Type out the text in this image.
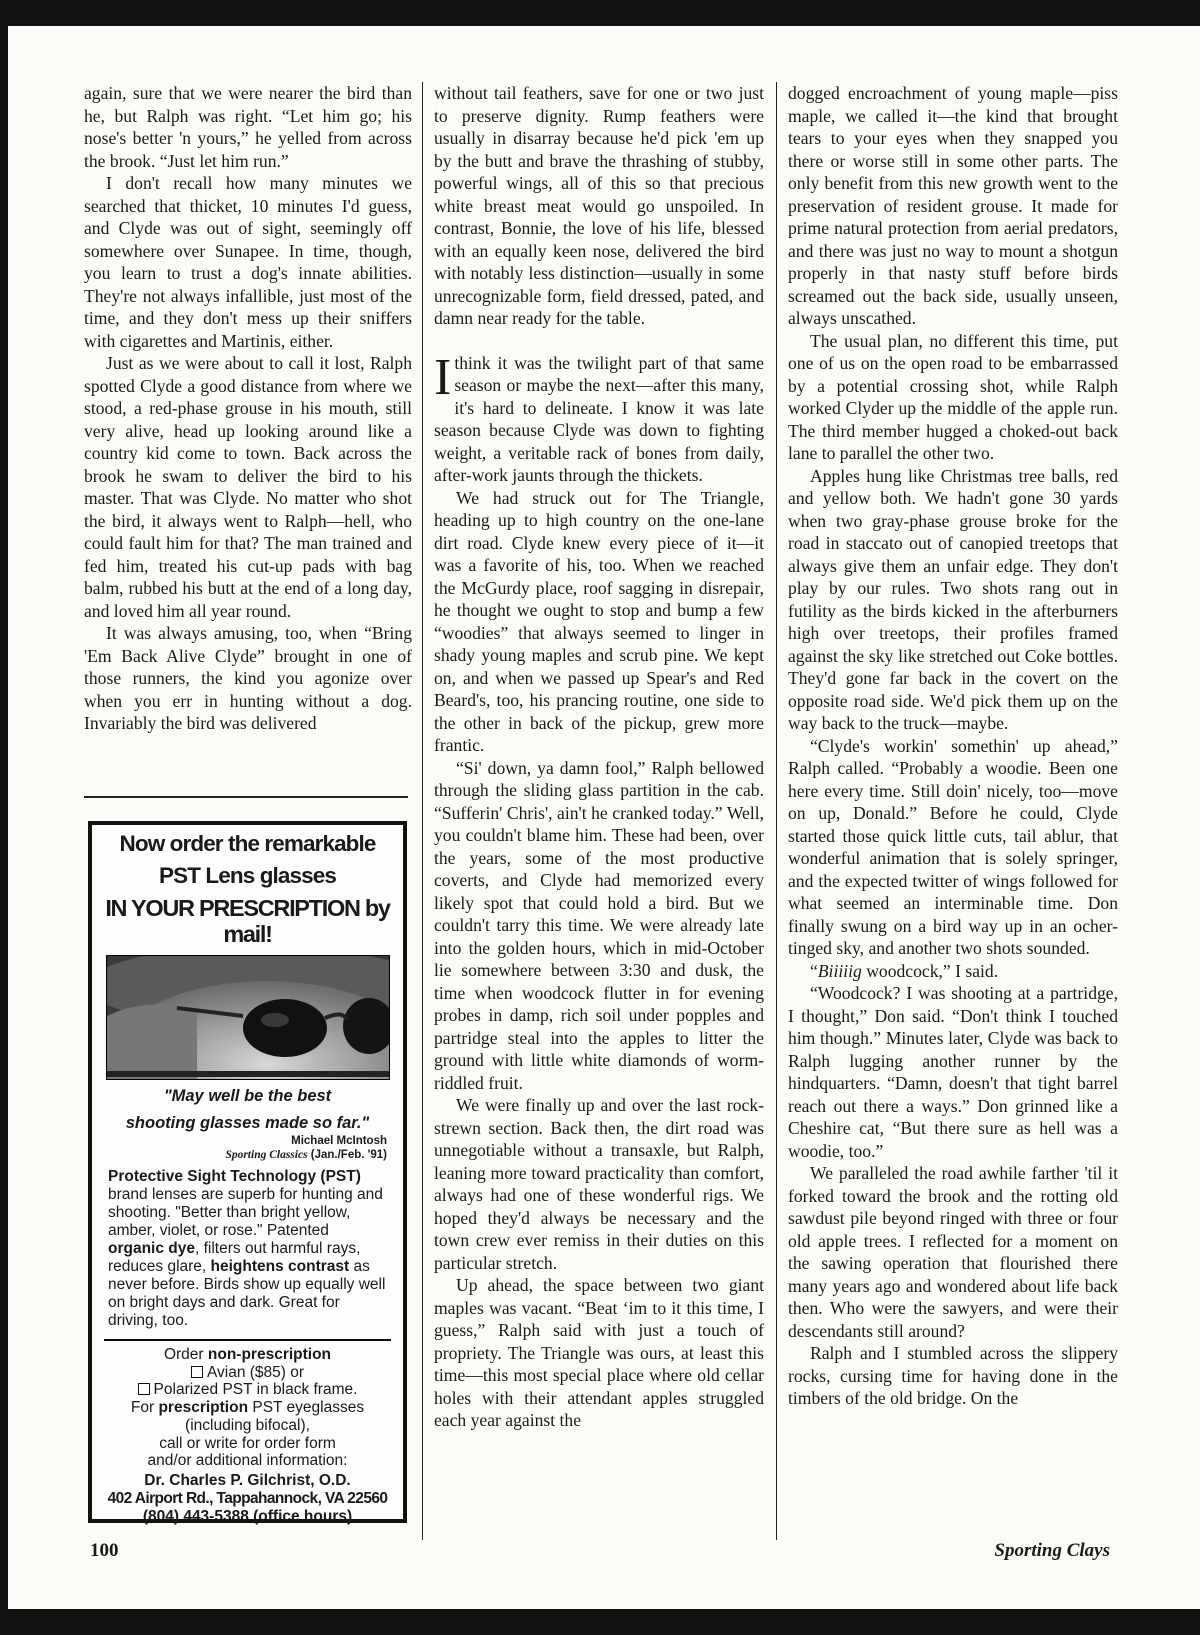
again, sure that we were nearer the bird than he, but Ralph was right. “Let him go; his nose's better 'n yours,” he yelled from across the brook. “Just let him run.”

I don't recall how many minutes we searched that thicket, 10 minutes I'd guess, and Clyde was out of sight, seemingly off somewhere over Sunapee. In time, though, you learn to trust a dog's innate abilities. They're not always infallible, just most of the time, and they don't mess up their sniffers with cigarettes and Martinis, either.

Just as we were about to call it lost, Ralph spotted Clyde a good distance from where we stood, a red-phase grouse in his mouth, still very alive, head up looking around like a country kid come to town. Back across the brook he swam to deliver the bird to his master. That was Clyde. No matter who shot the bird, it always went to Ralph—hell, who could fault him for that? The man trained and fed him, treated his cut-up pads with bag balm, rubbed his butt at the end of a long day, and loved him all year round.

It was always amusing, too, when “Bring 'Em Back Alive Clyde” brought in one of those runners, the kind you agonize over when you err in hunting without a dog. Invariably the bird was delivered

Now order the remarkable
PST Lens glasses
IN YOUR PRESCRIPTION by mail!
"May well be the best
shooting glasses made so far."
Michael McIntosh
Sporting Classics (Jan./Feb. '91)
Protective Sight Technology (PST) brand lenses are superb for hunting and shooting. "Better than bright yellow, amber, violet, or rose." Patented organic dye, filters out harmful rays, reduces glare, heightens contrast as never before. Birds show up equally well on bright days and dark. Great for driving, too.
Order non-prescription
Avian ($85) or
Polarized PST in black frame.
For prescription PST eyeglasses
(including bifocal),
call or write for order form
and/or additional information:
Dr. Charles P. Gilchrist, O.D.
402 Airport Rd., Tappahannock, VA 22560
(804) 443-5388 (office hours)

without tail feathers, save for one or two just to preserve dignity. Rump feathers were usually in disarray because he'd pick 'em up by the butt and brave the thrashing of stubby, powerful wings, all of this so that precious white breast meat would go unspoiled. In contrast, Bonnie, the love of his life, blessed with an equally keen nose, delivered the bird with notably less distinction—usually in some unrecognizable form, field dressed, pated, and damn near ready for the table.

Ithink it was the twilight part of that same season or maybe the next—after this many, it's hard to delineate. I know it was late season because Clyde was down to fighting weight, a veritable rack of bones from daily, after-work jaunts through the thickets.

We had struck out for The Triangle, heading up to high country on the one-lane dirt road. Clyde knew every piece of it—it was a favorite of his, too. When we reached the McGurdy place, roof sagging in disrepair, he thought we ought to stop and bump a few “woodies” that always seemed to linger in shady young maples and scrub pine. We kept on, and when we passed up Spear's and Red Beard's, too, his prancing routine, one side to the other in back of the pickup, grew more frantic.

“Si' down, ya damn fool,” Ralph bellowed through the sliding glass partition in the cab. “Sufferin' Chris', ain't he cranked today.” Well, you couldn't blame him. These had been, over the years, some of the most productive coverts, and Clyde had memorized every likely spot that could hold a bird. But we couldn't tarry this time. We were already late into the golden hours, which in mid-October lie somewhere between 3:30 and dusk, the time when woodcock flutter in for evening probes in damp, rich soil under popples and partridge steal into the apples to litter the ground with little white diamonds of worm-riddled fruit.

We were finally up and over the last rock-strewn section. Back then, the dirt road was unnegotiable without a transaxle, but Ralph, leaning more toward practicality than comfort, always had one of these wonderful rigs. We hoped they'd always be necessary and the town crew ever remiss in their duties on this particular stretch.

Up ahead, the space between two giant maples was vacant. “Beat ‘im to it this time, I guess,” Ralph said with just a touch of propriety. The Triangle was ours, at least this time—this most special place where old cellar holes with their attendant apples struggled each year against the

dogged encroachment of young maple—piss maple, we called it—the kind that brought tears to your eyes when they snapped you there or worse still in some other parts. The only benefit from this new growth went to the preservation of resident grouse. It made for prime natural protection from aerial predators, and there was just no way to mount a shotgun properly in that nasty stuff before birds screamed out the back side, usually unseen, always unscathed.

The usual plan, no different this time, put one of us on the open road to be embarrassed by a potential crossing shot, while Ralph worked Clyder up the middle of the apple run. The third member hugged a choked-out back lane to parallel the other two.

Apples hung like Christmas tree balls, red and yellow both. We hadn't gone 30 yards when two gray-phase grouse broke for the road in staccato out of canopied treetops that always give them an unfair edge. They don't play by our rules. Two shots rang out in futility as the birds kicked in the afterburners high over treetops, their profiles framed against the sky like stretched out Coke bottles. They'd gone far back in the covert on the opposite road side. We'd pick them up on the way back to the truck—maybe.

“Clyde's workin' somethin' up ahead,” Ralph called. “Probably a woodie. Been one here every time. Still doin' nicely, too—move on up, Donald.” Before he could, Clyde started those quick little cuts, tail ablur, that wonderful animation that is solely springer, and the expected twitter of wings followed for what seemed an interminable time. Don finally swung on a bird way up in an ocher-tinged sky, and another two shots sounded.

“Biiiiig woodcock,” I said.

“Woodcock? I was shooting at a partridge, I thought,” Don said. “Don't think I touched him though.” Minutes later, Clyde was back to Ralph lugging another runner by the hindquarters. “Damn, doesn't that tight barrel reach out there a ways.” Don grinned like a Cheshire cat, “But there sure as hell was a woodie, too.”

We paralleled the road awhile farther 'til it forked toward the brook and the rotting old sawdust pile beyond ringed with three or four old apple trees. I reflected for a moment on the sawing operation that flourished there many years ago and wondered about life back then. Who were the sawyers, and were their descendants still around?

Ralph and I stumbled across the slippery rocks, cursing time for having done in the timbers of the old bridge. On the

100	Sporting Clays
